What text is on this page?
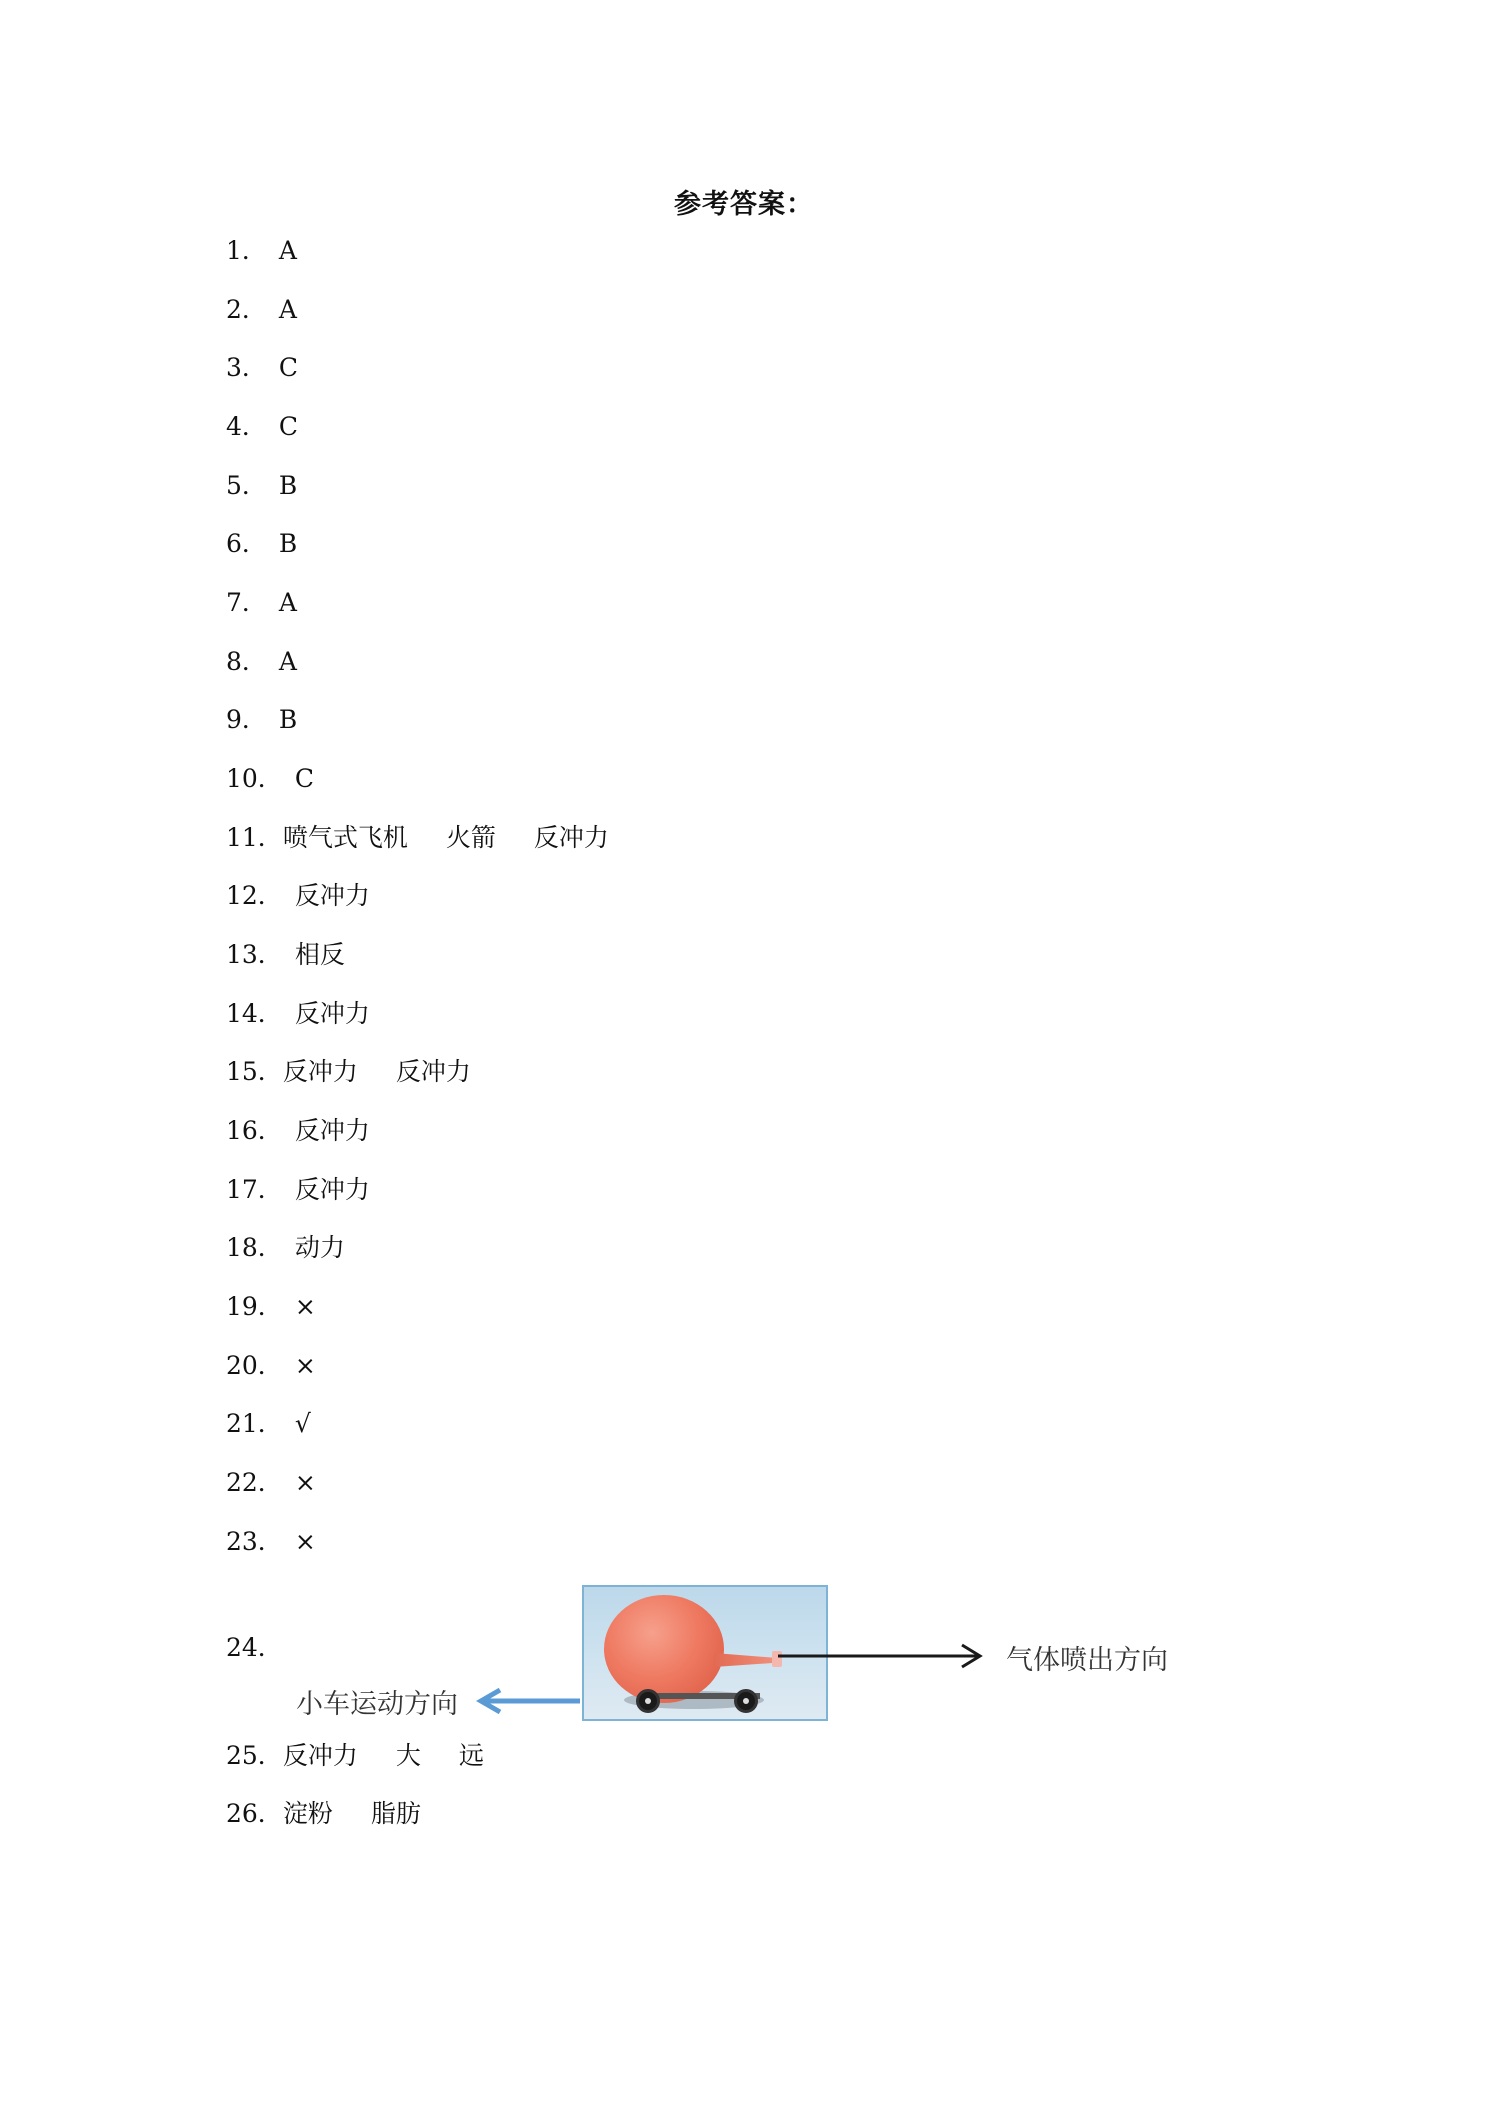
参考答案：
1． A
2． A
3． C
4． C
5． B
6． B
7． A
8． A
9． B
10． C
11．喷气式飞机 火箭 反冲力
12． 反冲力
13． 相反
14． 反冲力
15．反冲力 反冲力
16． 反冲力
17． 反冲力
18． 动力
19． ×
20． ×
21． √
22． ×
23． ×
24．
25．反冲力 大 远
26．淀粉 脂肪
气体喷出方向
小车运动方向
